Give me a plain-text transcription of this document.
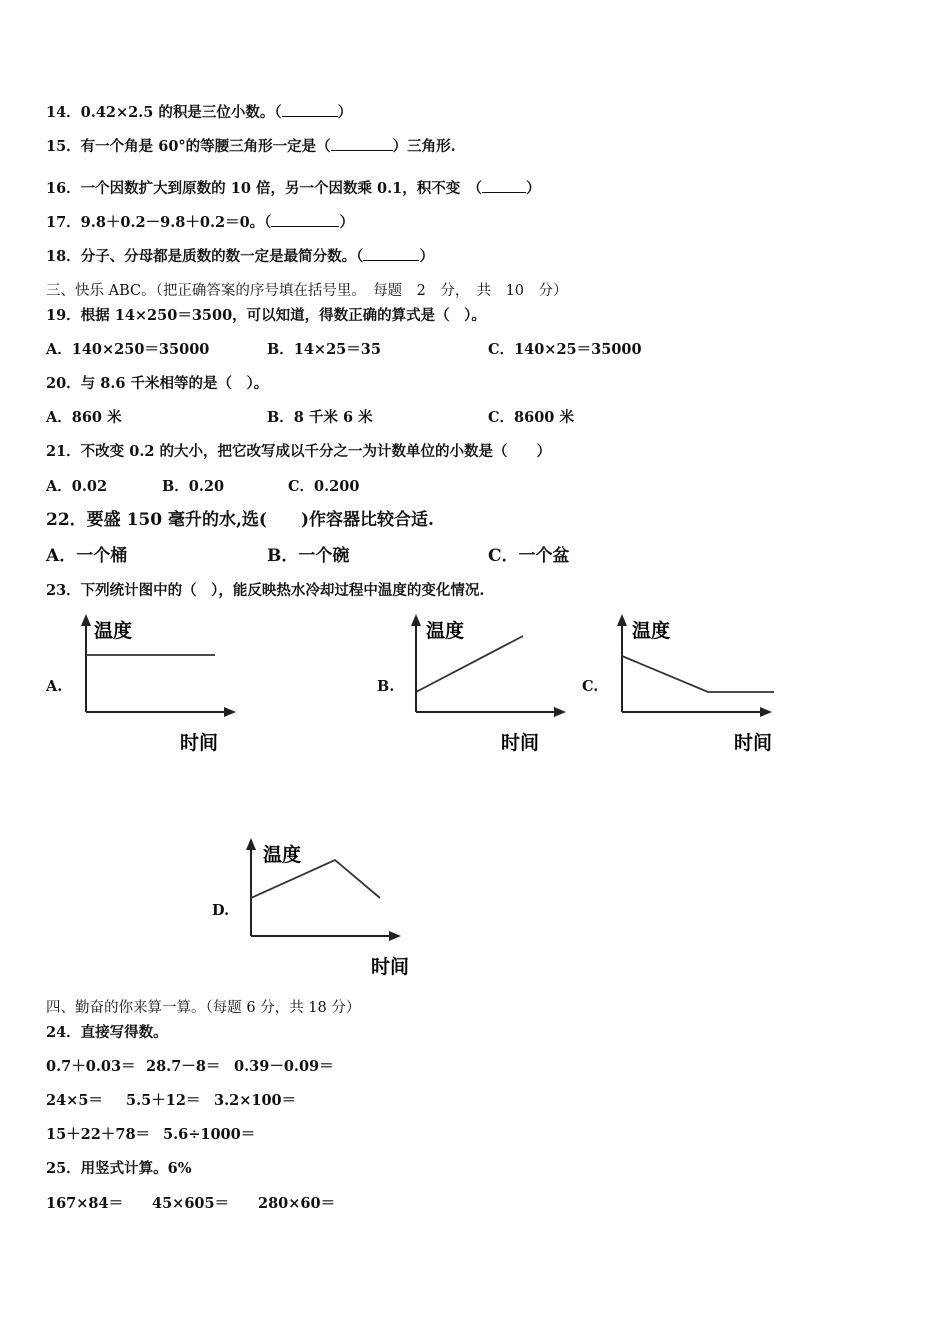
14．0.42×2.5 的积是三位小数。（	）
15．有一个角是 60°的等腰三角形一定是（	）三角形.
16．一个因数扩大到原数的 10 倍，另一个因数乘 0.1，积不变　（	）
17．9.8＋0.2－9.8＋0.2＝0。（	）
18．分子、分母都是质数的数一定是最简分数。（	）
三、快乐 ABC。（把正确答案的序号填在括号里。　每题　2　分，　共　10　分）
19．根据 14×250＝3500，可以知道，得数正确的算式是（　）。
A．140×250＝35000	B．14×25＝35	C．140×25＝35000
20．与 8.6 千米相等的是（　）。
A．860 米	B．8 千米 6 米	C．8600 米
21．不改变 0.2 的大小，把它改写成以千分之一为计数单位的小数是（　　）
A．0.02	B．0.20	C．0.200
22．要盛 150 毫升的水,选(　　)作容器比较合适.
A．一个桶	B．一个碗	C．一个盆
23．下列统计图中的（　），能反映热水冷却过程中温度的变化情况.
A.
温度
时间
B.
温度
时间
C.
温度
时间
D.
温度
时间
四、勤奋的你来算一算。（每题 6 分，共 18 分）
24．直接写得数。
0.7＋0.03＝ 28.7－8＝ 0.39－0.09＝
24×5＝ 5.5＋12＝ 3.2×100＝
15＋22＋78＝ 5.6÷1000＝
25．用竖式计算。6%
167×84＝ 45×605＝ 280×60＝
